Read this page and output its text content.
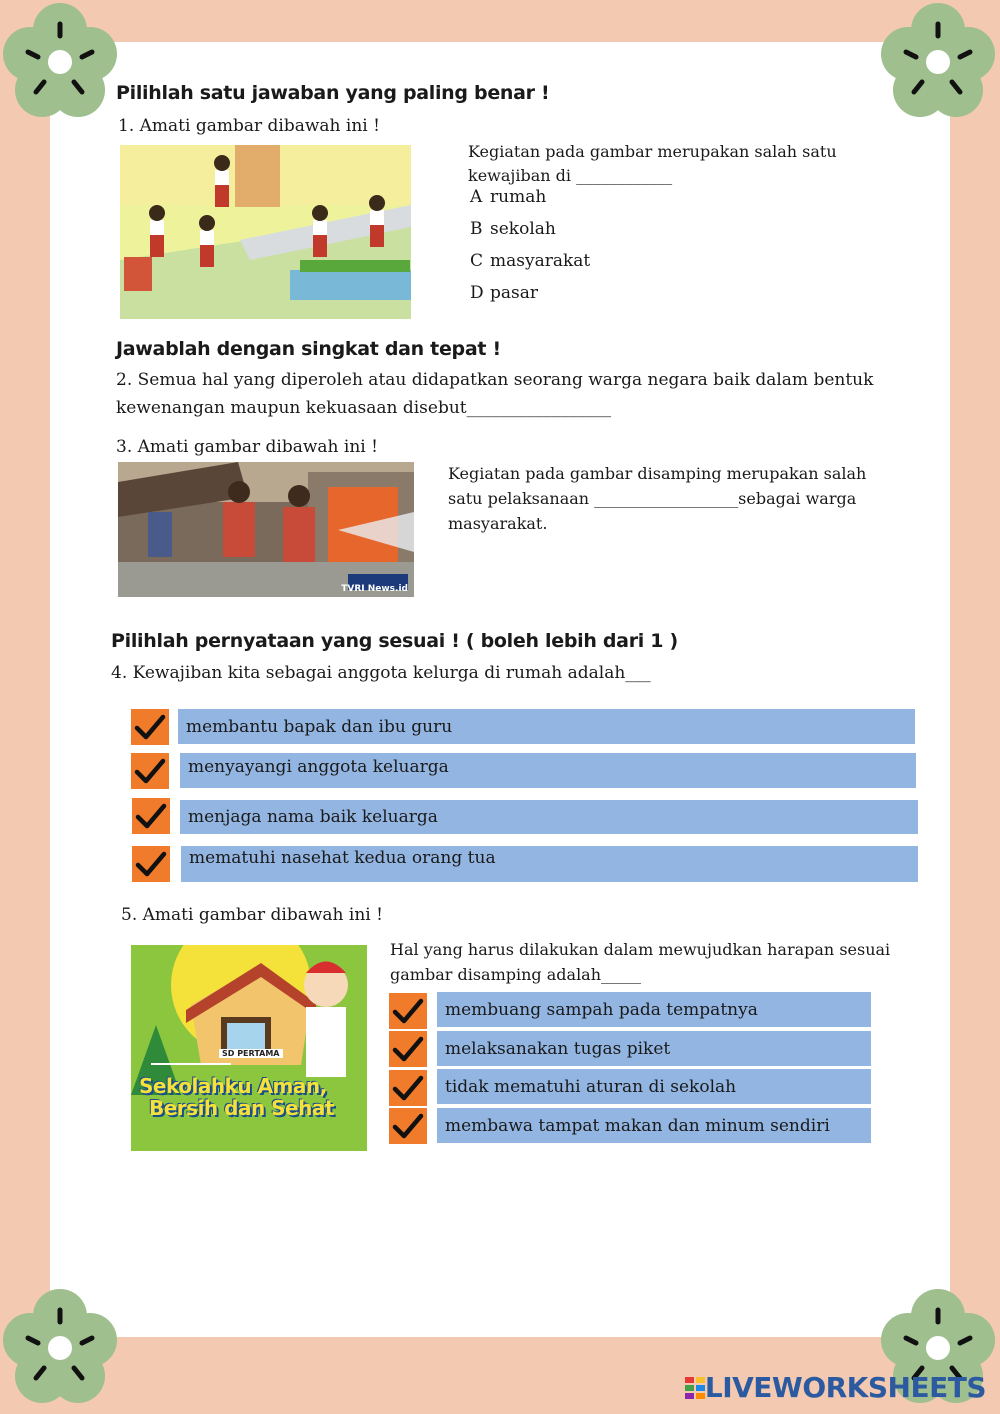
Pilihlah satu jawaban yang paling benar !
1. Amati gambar dibawah ini !
Kegiatan pada gambar merupakan salah satu kewajiban di ____________
A rumah
B sekolah
C masyarakat
D pasar
Jawablah dengan singkat dan tepat !
2. Semua hal yang diperoleh atau didapatkan seorang warga negara baik dalam bentuk kewenangan maupun kekuasaan disebut_________________
3. Amati gambar dibawah ini !
TVRI News.id
Kegiatan pada gambar disamping merupakan salah satu pelaksanaan __________________sebagai warga masyarakat.
Pilihlah pernyataan yang sesuai ! ( boleh lebih dari 1 )
4. Kewajiban kita sebagai anggota kelurga di rumah adalah___
membantu bapak dan ibu guru
menyayangi anggota keluarga
menjaga nama baik keluarga
mematuhi nasehat kedua orang tua
5. Amati gambar dibawah ini !
SD PERTAMA
Sekolahku Aman,
Bersih dan Sehat
Hal yang harus dilakukan dalam mewujudkan harapan sesuai gambar disamping adalah_____
membuang sampah pada tempatnya
melaksanakan tugas piket
tidak mematuhi aturan di sekolah
membawa tampat makan dan minum sendiri
LIVEWORKSHEETS
